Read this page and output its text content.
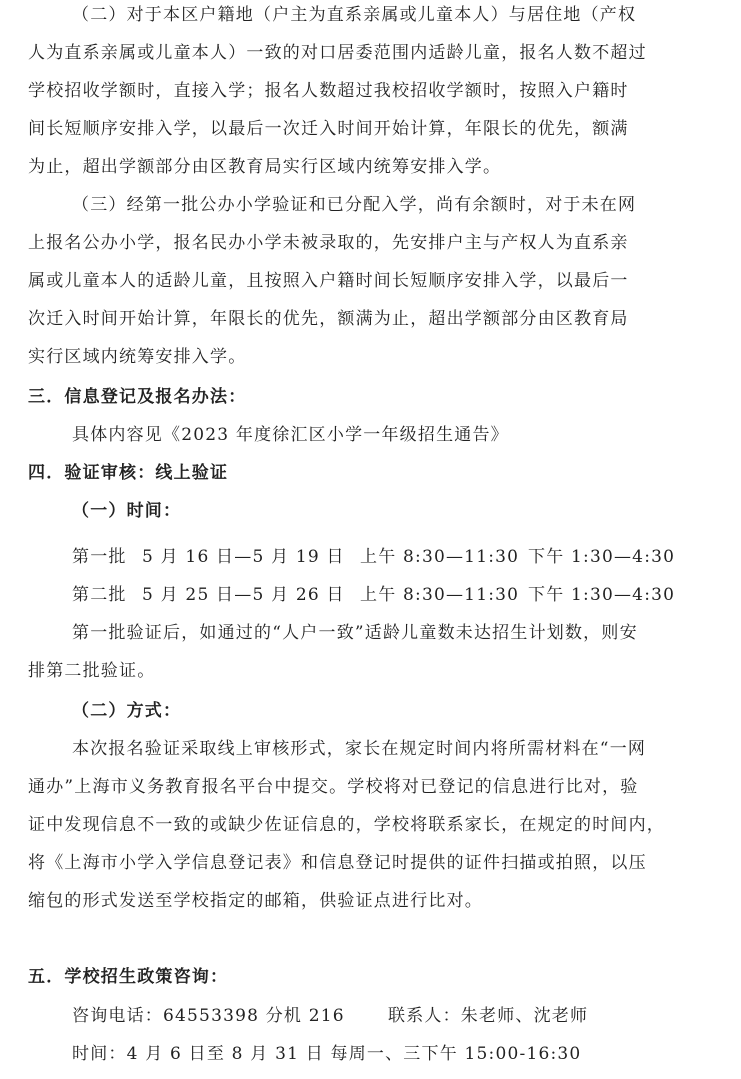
（二）对于本区户籍地（户主为直系亲属或儿童本人）与居住地（产权
人为直系亲属或儿童本人）一致的对口居委范围内适龄儿童，报名人数不超过
学校招收学额时，直接入学；报名人数超过我校招收学额时，按照入户籍时
间长短顺序安排入学，以最后一次迁入时间开始计算，年限长的优先，额满
为止，超出学额部分由区教育局实行区域内统筹安排入学。
（三）经第一批公办小学验证和已分配入学，尚有余额时，对于未在网
上报名公办小学，报名民办小学未被录取的，先安排户主与产权人为直系亲
属或儿童本人的适龄儿童，且按照入户籍时间长短顺序安排入学，以最后一
次迁入时间开始计算，年限长的优先，额满为止，超出学额部分由区教育局
实行区域内统筹安排入学。
三．信息登记及报名办法：
具体内容见《2023 年度徐汇区小学一年级招生通告》
四．验证审核：线上验证
（一）时间：
第一批 5 月 16 日—5 月 19 日 上午 8:30—11:30 下午 1:30—4:30
第二批 5 月 25 日—5 月 26 日 上午 8:30—11:30 下午 1:30—4:30
第一批验证后，如通过的“人户一致”适龄儿童数未达招生计划数，则安
排第二批验证。
（二）方式：
本次报名验证采取线上审核形式，家长在规定时间内将所需材料在“一网
通办”上海市义务教育报名平台中提交。学校将对已登记的信息进行比对，验
证中发现信息不一致的或缺少佐证信息的，学校将联系家长，在规定的时间内，
将《上海市小学入学信息登记表》和信息登记时提供的证件扫描或拍照，以压
缩包的形式发送至学校指定的邮箱，供验证点进行比对。
五．学校招生政策咨询：
咨询电话：64553398 分机 216	联系人：朱老师、沈老师
时间：4 月 6 日至 8 月 31 日 每周一、三下午 15:00-16:30
